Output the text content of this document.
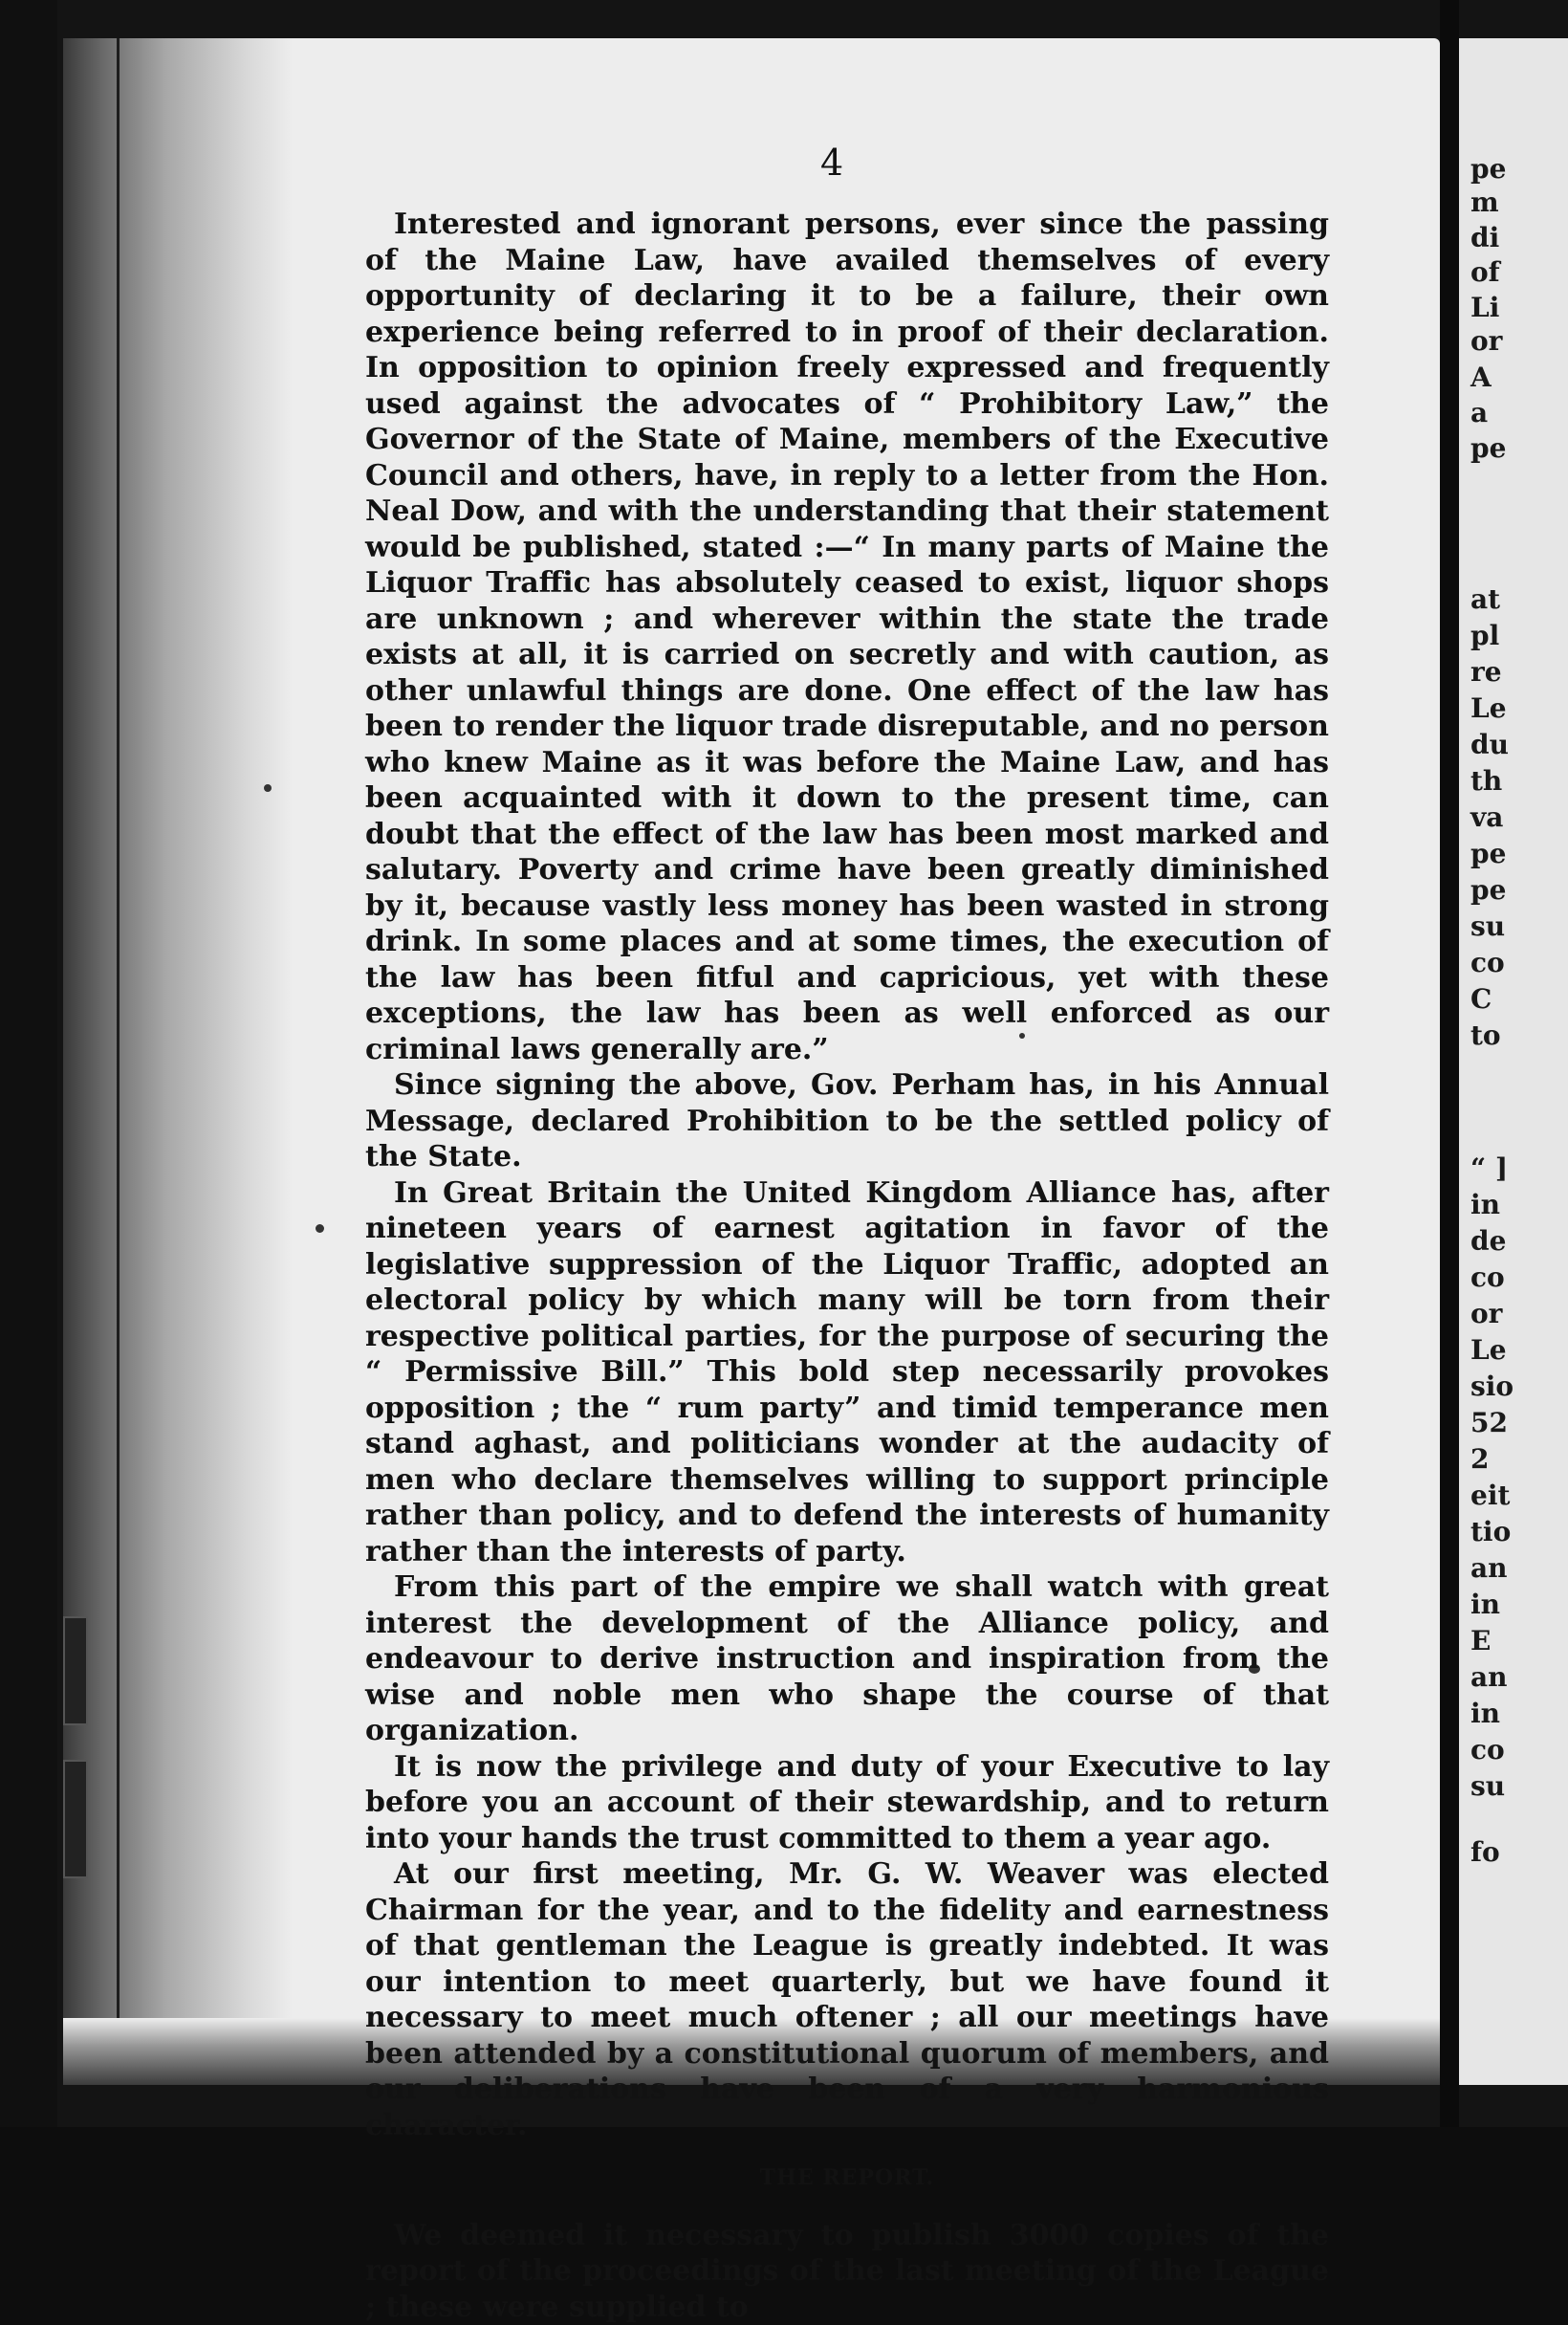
4

Interested and ignorant persons, ever since the passing of the Maine Law, have availed themselves of every opportunity of declaring it to be a failure, their own experience being referred to in proof of their declaration. In opposition to opinion freely expressed and frequently used against the advocates of “ Prohibitory Law,” the Governor of the State of Maine, members of the Executive Council and others, have, in reply to a letter from the Hon. Neal Dow, and with the understanding that their statement would be published, stated :—“ In many parts of Maine the Liquor Traffic has absolutely ceased to exist, liquor shops are unknown ; and wherever within the state the trade exists at all, it is carried on secretly and with caution, as other unlawful things are done. One effect of the law has been to render the liquor trade disreputable, and no person who knew Maine as it was before the Maine Law, and has been acquainted with it down to the present time, can doubt that the effect of the law has been most marked and salutary. Poverty and crime have been greatly diminished by it, because vastly less money has been wasted in strong drink. In some places and at some times, the execution of the law has been fitful and capricious, yet with these exceptions, the law has been as well enforced as our criminal laws generally are.”

Since signing the above, Gov. Perham has, in his Annual Message, declared Prohibition to be the settled policy of the State.

In Great Britain the United Kingdom Alliance has, after nineteen years of earnest agitation in favor of the legislative suppression of the Liquor Traffic, adopted an electoral policy by which many will be torn from their respective political parties, for the purpose of securing the “ Permissive Bill.” This bold step necessarily provokes opposition ; the “ rum party” and timid temperance men stand aghast, and politicians wonder at the audacity of men who declare themselves willing to support principle rather than policy, and to defend the interests of humanity rather than the interests of party.

From this part of the empire we shall watch with great interest the development of the Alliance policy, and endeavour to derive instruction and inspiration from the wise and noble men who shape the course of that organization.

It is now the privilege and duty of your Executive to lay before you an account of their stewardship, and to return into your hands the trust committed to them a year ago.

At our first meeting, Mr. G. W. Weaver was elected Chairman for the year, and to the fidelity and earnestness of that gentleman the League is greatly indebted. It was our intention to meet quarterly, but we have found it necessary to meet much oftener ; all our meetings have been attended by a constitutional quorum of members, and our deliberations have been of a very harmonious character.

THE REPORT.

We deemed it necessary to publish 3000 copies of the report of the proceedings of the last meeting of the League ; these were supplied to

pe
m
di
of
Li
or
A
a
pe
at
pl
re
Le
du
th
va
pe
pe
su
co
C
to
“ ]
in
de
co
or
Le
sio
52
2
eit
tio
an
in
E
an
in
co
su
fo
